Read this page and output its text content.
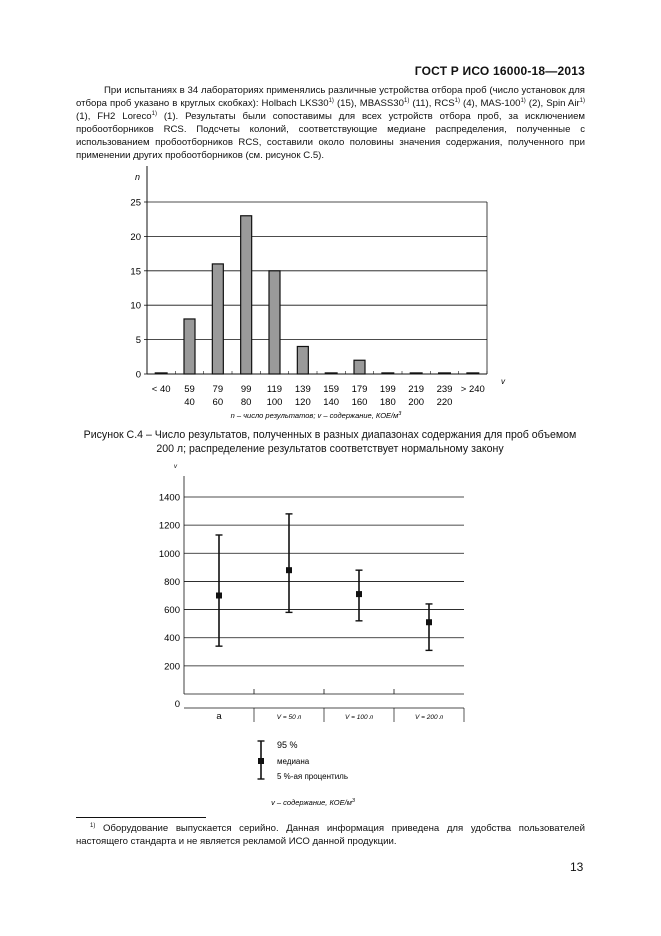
ГОСТ Р ИСО 16000-18—2013

При испытаниях в 34 лабораториях применялись различные устройства отбора проб (число установок для отбора проб указано в круглых скобках): Holbach LKS30$^{1)}$ (15), MBASS30$^{1)}$ (11), RCS$^{1)}$ (4), MAS-100$^{1)}$ (2), Spin Air$^{1)}$ (1), FH2 Loreco$^{1)}$ (1). Результаты были сопоставимы для всех устройств отбора проб, за исключением пробоотборников RCS. Подсчеты колоний, соответствующие медиане распределения, полученные с использованием пробоотборников RCS, составили около половины значения содержания, полученного при применении других пробоотборников (см. рисунок С.5).

n
v
0
5
10
15
20
25
< 40 59
40
79
60
99
80
119
100
139
120
159
140
179
160
199
180
219
200
239
220
> 240
n – число результатов; v – содержание, КОЕ/$м^3$
v
0
200
400
600
800
1000
1200
1400
a	V = 50 л	V = 100 л	V = 200 л
95 %
медиана
5 %-ая процентиль
v – содержание, КОЕ/$м^3$
Рисунок С.4 – Число результатов, полученных в разных диапазонах содержания для проб объемом
200 л; распределение результатов соответствует нормальному закону

$^{1)}$ Оборудование выпускается серийно. Данная информация приведена для удобства пользователей настоящего стандарта и не является рекламой ИСО данной продукции.

13
